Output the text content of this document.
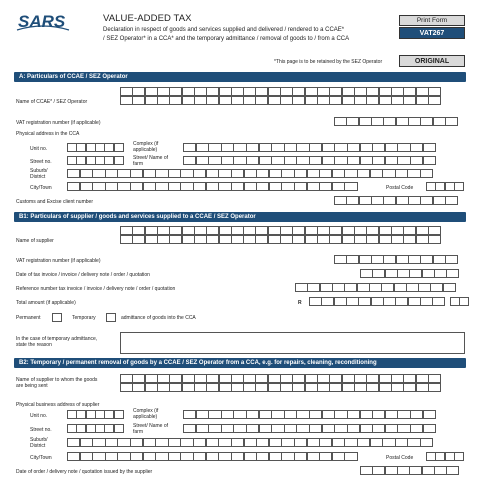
SARS	VALUE-ADDED TAX
Declaration in respect of goods and services supplied and delivered / rendered to a CCAE*
/ SEZ Operator* in a CCA* and the temporary admittance / removal of goods to / from a CCA
Print Form
VAT267
*This page is to be retained by the SEZ Operator	ORIGINAL
A: Particulars of CCAE / SEZ Operator
Name of CCAE* / SEZ Operator
VAT registration number (if applicable)
Physical address in the CCA
Unit no.
Complex (if applicable)
Street no.
Street/ Name of farm
Suburb/ District
City/Town	Postal Code
Customs and Excise client number
B1: Particulars of supplier / goods and services supplied to a CCAE / SEZ Operator
Name of supplier
VAT registration number (if applicable)
Date of tax invoice / invoice / delivery note / order / quotation
Reference number tax invoice / invoice / delivery note / order / quotation
Total amount (if applicable)	R
Permanent	Temporary	admittance of goods into the CCA
In the case of temporary admittance,
state the reason
B2: Temporary / permanent removal of goods by a CCAE / SEZ Operator from a CCA, e.g. for repairs, cleaning, reconditioning
Name of supplier to whom the goods
are being sent
Physical business address of supplier
Unit no.
Complex (if applicable)
Street no.
Street/ Name of farm
Suburb/ District
City/Town	Postal Code
Date of order / delivery note / quotation issued by the supplier
